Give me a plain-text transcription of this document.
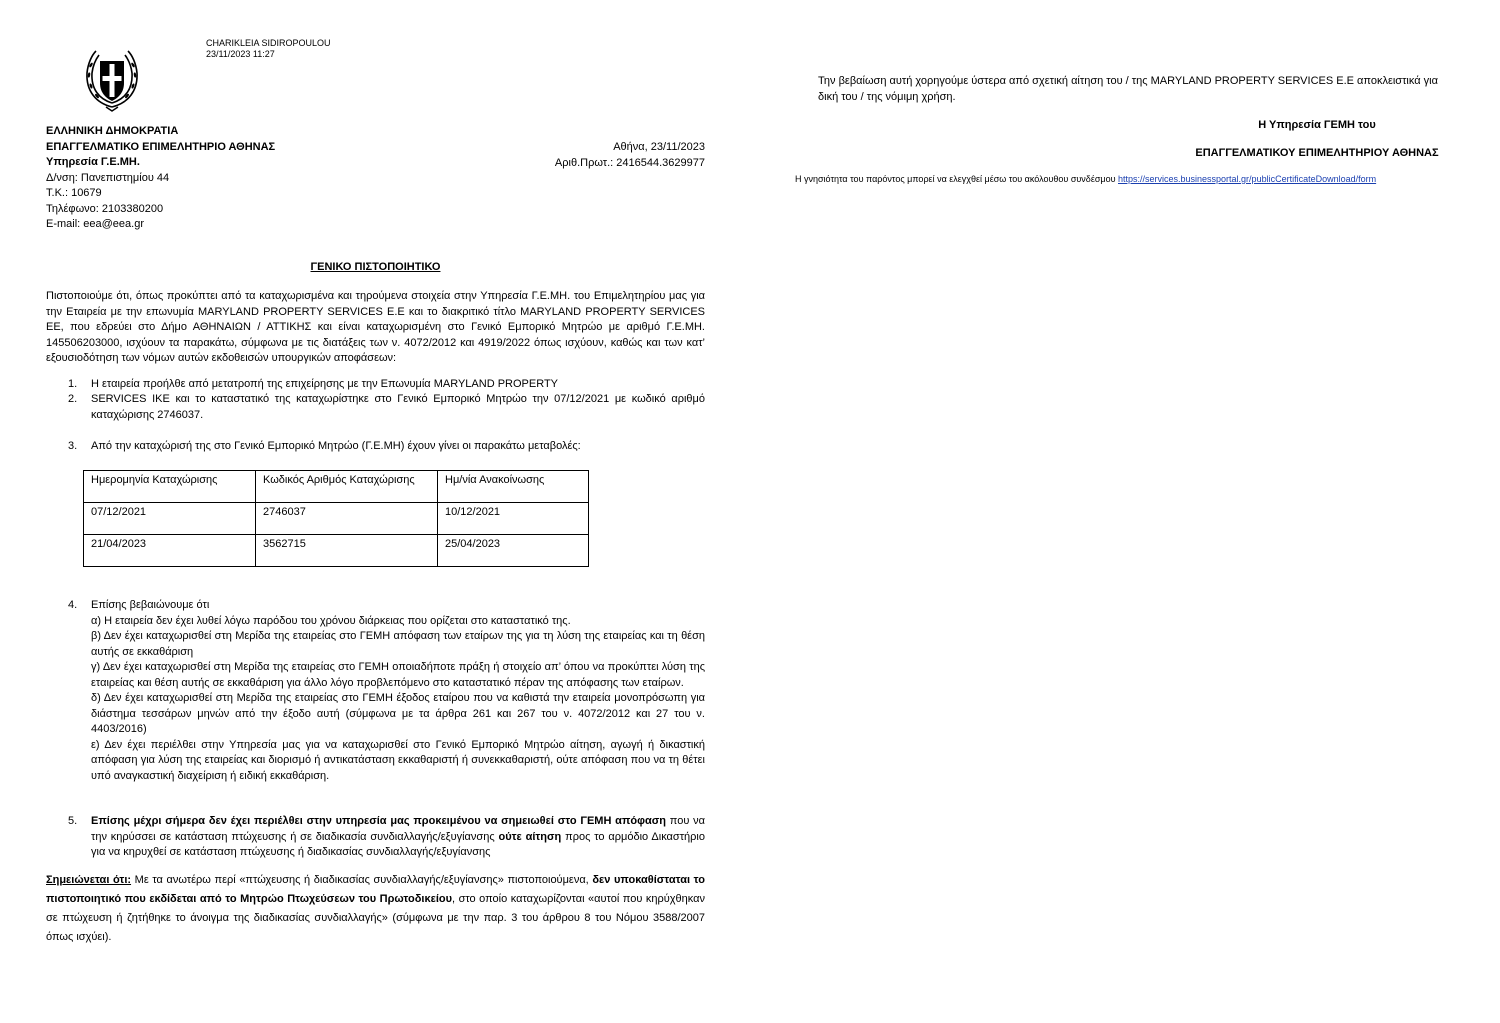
CHARIKLEIA SIDIROPOULOU
23/11/2023 11:27
ΕΛΛΗΝΙΚΗ ΔΗΜΟΚΡΑΤΙΑ
ΕΠΑΓΓΕΛΜΑΤΙΚΟ ΕΠΙΜΕΛΗΤΗΡΙΟ ΑΘΗΝΑΣ
Υπηρεσία Γ.Ε.ΜΗ.
Δ/νση: Πανεπιστημίου 44
Τ.Κ.: 10679
Τηλέφωνο: 2103380200
E-mail: eea@eea.gr
Αθήνα, 23/11/2023
Αριθ.Πρωτ.: 2416544.3629977
ΓΕΝΙΚΟ ΠΙΣΤΟΠΟΙΗΤΙΚΟ
Πιστοποιούμε ότι, όπως προκύπτει από τα καταχωρισμένα και τηρούμενα στοιχεία στην Υπηρεσία Γ.Ε.ΜΗ. του Επιμελητηρίου μας για την Εταιρεία με την επωνυμία MARYLAND PROPERTY SERVICES Ε.Ε και το διακριτικό τίτλο MARYLAND PROPERTY SERVICES ΕΕ, που εδρεύει στο Δήμο ΑΘΗΝΑΙΩΝ / ΑΤΤΙΚΗΣ και είναι καταχωρισμένη στο Γενικό Εμπορικό Μητρώο με αριθμό Γ.Ε.ΜΗ. 145506203000, ισχύουν τα παρακάτω, σύμφωνα με τις διατάξεις των ν. 4072/2012 και 4919/2022 όπως ισχύουν, καθώς και των κατ’ εξουσιοδότηση των νόμων αυτών εκδοθεισών υπουργικών αποφάσεων:
1. Η εταιρεία προήλθε από μετατροπή της επιχείρησης με την Επωνυμία MARYLAND PROPERTY
2. SERVICES ΙΚΕ και το καταστατικό της καταχωρίστηκε στο Γενικό Εμπορικό Μητρώο την 07/12/2021 με κωδικό αριθμό καταχώρισης 2746037.
3. Από την καταχώρισή της στο Γενικό Εμπορικό Μητρώο (Γ.Ε.ΜΗ) έχουν γίνει οι παρακάτω μεταβολές:
Ημερομηνία Καταχώρισης	Κωδικός Αριθμός Καταχώρισης	Ημ/νία Ανακοίνωσης
07/12/2021	2746037	10/12/2021
21/04/2023	3562715	25/04/2023
4. Επίσης βεβαιώνουμε ότι
α) Η εταιρεία δεν έχει λυθεί λόγω παρόδου του χρόνου διάρκειας που ορίζεται στο καταστατικό της.
β) Δεν έχει καταχωρισθεί στη Μερίδα της εταιρείας στο ΓΕΜΗ απόφαση των εταίρων της για τη λύση της εταιρείας και τη θέση αυτής σε εκκαθάριση
γ) Δεν έχει καταχωρισθεί στη Μερίδα της εταιρείας στο ΓΕΜΗ οποιαδήποτε πράξη ή στοιχείο απ’ όπου να προκύπτει λύση της εταιρείας και θέση αυτής σε εκκαθάριση για άλλο λόγο προβλεπόμενο στο καταστατικό πέραν της απόφασης των εταίρων.
δ) Δεν έχει καταχωρισθεί στη Μερίδα της εταιρείας στο ΓΕΜΗ έξοδος εταίρου που να καθιστά την εταιρεία μονοπρόσωπη για διάστημα τεσσάρων μηνών από την έξοδο αυτή (σύμφωνα με τα άρθρα 261 και 267 του ν. 4072/2012 και 27 του ν. 4403/2016)
ε) Δεν έχει περιέλθει στην Υπηρεσία μας για να καταχωρισθεί στο Γενικό Εμπορικό Μητρώο αίτηση, αγωγή ή δικαστική απόφαση για λύση της εταιρείας και διορισμό ή αντικατάσταση εκκαθαριστή ή συνεκκαθαριστή, ούτε απόφαση που να τη θέτει υπό αναγκαστική διαχείριση ή ειδική εκκαθάριση.
5. Επίσης μέχρι σήμερα δεν έχει περιέλθει στην υπηρεσία μας προκειμένου να σημειωθεί στο ΓΕΜΗ απόφαση που να την κηρύσσει σε κατάσταση πτώχευσης ή σε διαδικασία συνδιαλλαγής/εξυγίανσης ούτε αίτηση προς το αρμόδιο Δικαστήριο για να κηρυχθεί σε κατάσταση πτώχευσης ή διαδικασίας συνδιαλλαγής/εξυγίανσης
Σημειώνεται ότι: Με τα ανωτέρω περί «πτώχευσης ή διαδικασίας συνδιαλλαγής/εξυγίανσης» πιστοποιούμενα, δεν υποκαθίσταται το πιστοποιητικό που εκδίδεται από το Μητρώο Πτωχεύσεων του Πρωτοδικείου, στο οποίο καταχωρίζονται «αυτοί που κηρύχθηκαν σε πτώχευση ή ζητήθηκε το άνοιγμα της διαδικασίας συνδιαλλαγής» (σύμφωνα με την παρ. 3 του άρθρου 8 του Νόμου 3588/2007 όπως ισχύει).
Την βεβαίωση αυτή χορηγούμε ύστερα από σχετική αίτηση του / της MARYLAND PROPERTY SERVICES Ε.Ε αποκλειστικά για δική του / της νόμιμη χρήση.
Η Υπηρεσία ΓΕΜΗ του
ΕΠΑΓΓΕΛΜΑΤΙΚΟΥ ΕΠΙΜΕΛΗΤΗΡΙΟΥ ΑΘΗΝΑΣ
Η γνησιότητα του παρόντος μπορεί να ελεγχθεί μέσω του ακόλουθου συνδέσμου https://services.businessportal.gr/publicCertificateDownload/form
